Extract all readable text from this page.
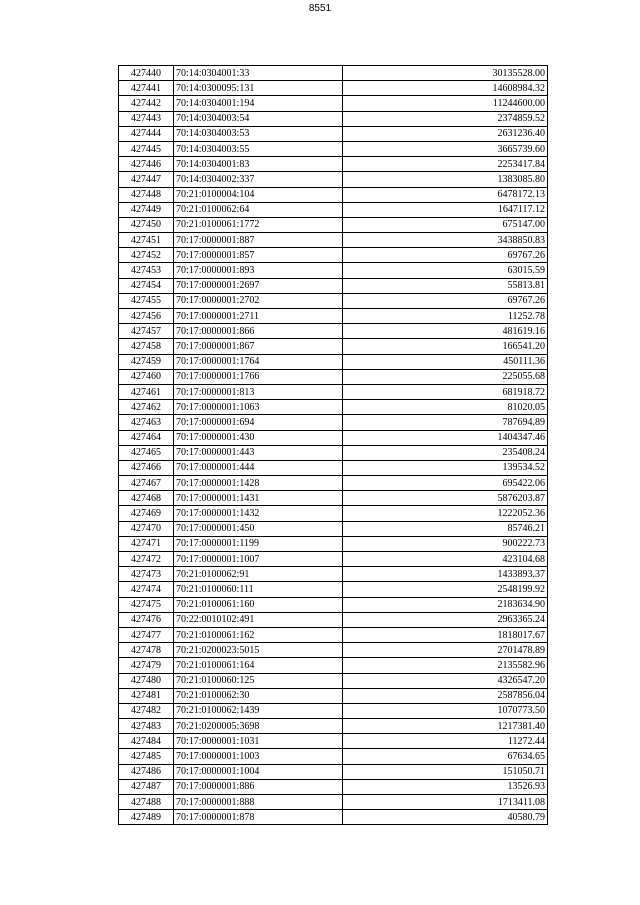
8551
427440	70:14:0304001:33	30135528.00
427441	70:14:0300095:131	14608984.32
427442	70:14:0304001:194	11244600.00
427443	70:14:0304003:54	2374859.52
427444	70:14:0304003:53	2631236.40
427445	70:14:0304003:55	3665739.60
427446	70:14:0304001:83	2253417.84
427447	70:14:0304002:337	1383085.80
427448	70:21:0100004:104	6478172.13
427449	70:21:0100062:64	1647117.12
427450	70:21:0100061:1772	675147.00
427451	70:17:0000001:887	3438850.83
427452	70:17:0000001:857	69767.26
427453	70:17:0000001:893	63015.59
427454	70:17:0000001:2697	55813.81
427455	70:17:0000001:2702	69767.26
427456	70:17:0000001:2711	11252.78
427457	70:17:0000001:866	481619.16
427458	70:17:0000001:867	166541.20
427459	70:17:0000001:1764	450111.36
427460	70:17:0000001:1766	225055.68
427461	70:17:0000001:813	681918.72
427462	70:17:0000001:1063	81020.05
427463	70:17:0000001:694	787694.89
427464	70:17:0000001:430	1404347.46
427465	70:17:0000001:443	235408.24
427466	70:17:0000001:444	139534.52
427467	70:17:0000001:1428	695422.06
427468	70:17:0000001:1431	5876203.87
427469	70:17:0000001:1432	1222052.36
427470	70:17:0000001:450	85746.21
427471	70:17:0000001:1199	900222.73
427472	70:17:0000001:1007	423104.68
427473	70:21:0100062:91	1433893.37
427474	70:21:0100060:111	2548199.92
427475	70:21:0100061:160	2183634.90
427476	70:22:0010102:491	2963365.24
427477	70:21:0100061:162	1818017.67
427478	70:21:0200023:5015	2701478.89
427479	70:21:0100061:164	2135582.96
427480	70:21:0100060:125	4326547.20
427481	70:21:0100062:30	2587856.04
427482	70:21:0100062:1439	1070773.50
427483	70:21:0200005:3698	1217381.40
427484	70:17:0000001:1031	11272.44
427485	70:17:0000001:1003	67634.65
427486	70:17:0000001:1004	151050.71
427487	70:17:0000001:886	13526.93
427488	70:17:0000001:888	1713411.08
427489	70:17:0000001:878	40580.79
